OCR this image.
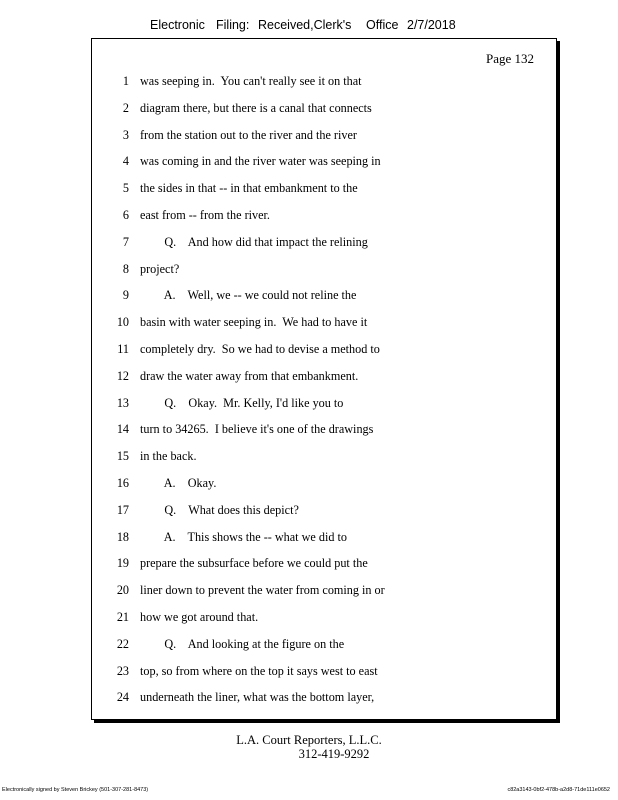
Electronic Filing: Received,Clerk's Office 2/7/2018
Page 132
1 was seeping in.  You can't really see it on that
2 diagram there, but there is a canal that connects
3 from the station out to the river and the river
4 was coming in and the river water was seeping in
5 the sides in that -- in that embankment to the
6 east from -- from the river.
7 Q.    And how did that impact the relining
8 project?
9 A.    Well, we -- we could not reline the
10 basin with water seeping in.  We had to have it
11 completely dry.  So we had to devise a method to
12 draw the water away from that embankment.
13 Q.    Okay.  Mr. Kelly, I'd like you to
14 turn to 34265.  I believe it's one of the drawings
15 in the back.
16 A.    Okay.
17 Q.    What does this depict?
18 A.    This shows the -- what we did to
19 prepare the subsurface before we could put the
20 liner down to prevent the water from coming in or
21 how we got around that.
22 Q.    And looking at the figure on the
23 top, so from where on the top it says west to east
24 underneath the liner, what was the bottom layer,
L.A. Court Reporters, L.L.C.
312-419-9292
Electronically signed by Steven Brickey (501-307-281-8473)	c82a3143-0bf2-478b-a2d8-71de111e0652
